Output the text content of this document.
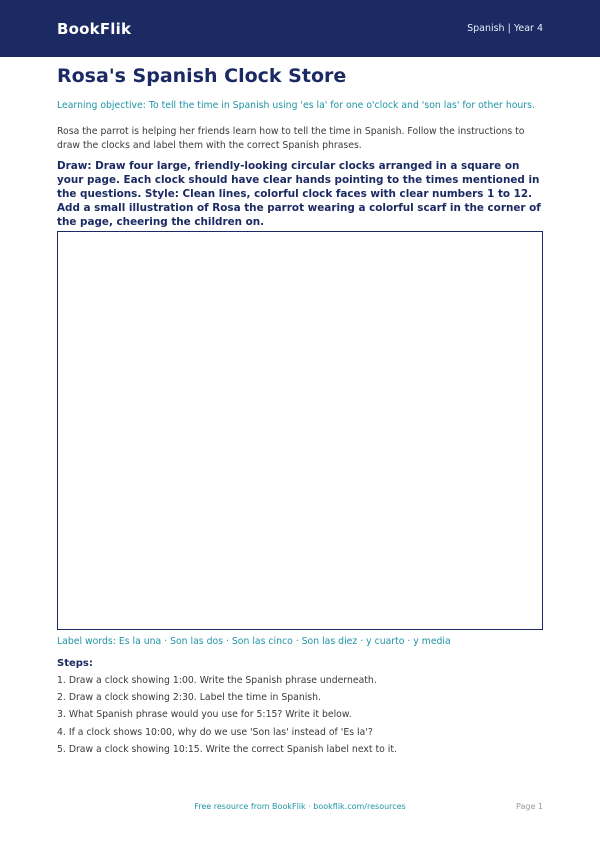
BookFlik	Spanish | Year 4
Rosa's Spanish Clock Store
Learning objective: To tell the time in Spanish using 'es la' for one o'clock and 'son las' for other hours.
Rosa the parrot is helping her friends learn how to tell the time in Spanish. Follow the instructions to draw the clocks and label them with the correct Spanish phrases.
Draw: Draw four large, friendly-looking circular clocks arranged in a square on your page. Each clock should have clear hands pointing to the times mentioned in the questions. Style: Clean lines, colorful clock faces with clear numbers 1 to 12. Add a small illustration of Rosa the parrot wearing a colorful scarf in the corner of the page, cheering the children on.
Label words: Es la una · Son las dos · Son las cinco · Son las diez · y cuarto · y media
Steps:
1. Draw a clock showing 1:00. Write the Spanish phrase underneath.
2. Draw a clock showing 2:30. Label the time in Spanish.
3. What Spanish phrase would you use for 5:15? Write it below.
4. If a clock shows 10:00, why do we use 'Son las' instead of 'Es la'?
5. Draw a clock showing 10:15. Write the correct Spanish label next to it.
Free resource from BookFlik · bookflik.com/resources	Page 1
